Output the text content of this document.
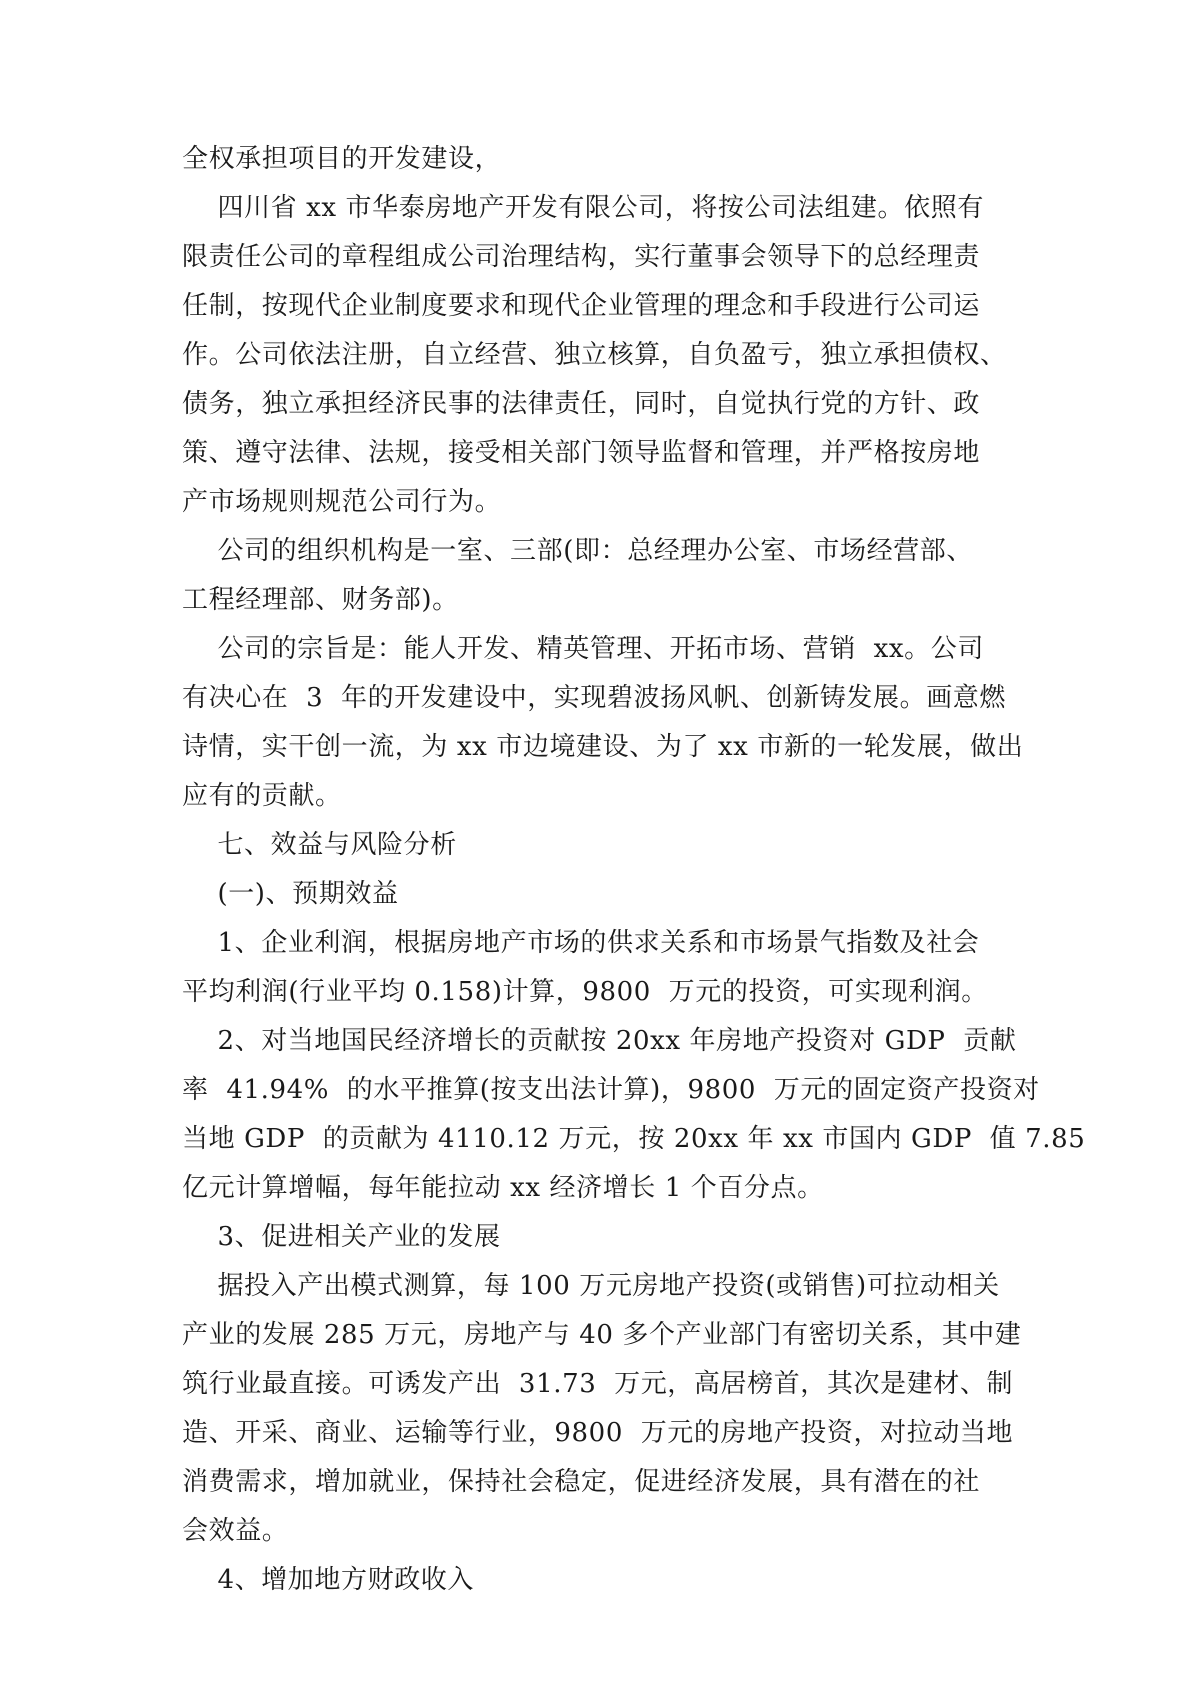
全权承担项目的开发建设，

四川省 xx 市华泰房地产开发有限公司，将按公司法组建。依照有
限责任公司的章程组成公司治理结构，实行董事会领导下的总经理责
任制，按现代企业制度要求和现代企业管理的理念和手段进行公司运
作。公司依法注册，自立经营、独立核算，自负盈亏，独立承担债权、
债务，独立承担经济民事的法律责任，同时，自觉执行党的方针、政
策、遵守法律、法规，接受相关部门领导监督和管理，并严格按房地
产市场规则规范公司行为。

公司的组织机构是一室、三部(即：总经理办公室、市场经营部、
工程经理部、财务部)。

公司的宗旨是：能人开发、精英管理、开拓市场、营销  xx。公司
有决心在  3  年的开发建设中，实现碧波扬风帆、创新铸发展。画意燃
诗情，实干创一流，为 xx 市边境建设、为了 xx 市新的一轮发展，做出
应有的贡献。

七、效益与风险分析

(一)、预期效益

1、企业利润，根据房地产市场的供求关系和市场景气指数及社会
平均利润(行业平均 0.158)计算，9800  万元的投资，可实现利润。

2、对当地国民经济增长的贡献按 20xx 年房地产投资对 GDP  贡献
率  41.94%  的水平推算(按支出法计算)，9800  万元的固定资产投资对
当地 GDP  的贡献为 4110.12 万元，按 20xx 年 xx 市国内 GDP  值 7.85
亿元计算增幅，每年能拉动 xx 经济增长 1 个百分点。

3、促进相关产业的发展

据投入产出模式测算，每 100 万元房地产投资(或销售)可拉动相关
产业的发展 285 万元，房地产与 40 多个产业部门有密切关系，其中建
筑行业最直接。可诱发产出  31.73  万元，高居榜首，其次是建材、制
造、开采、商业、运输等行业，9800  万元的房地产投资，对拉动当地
消费需求，增加就业，保持社会稳定，促进经济发展，具有潜在的社
会效益。

4、增加地方财政收入
